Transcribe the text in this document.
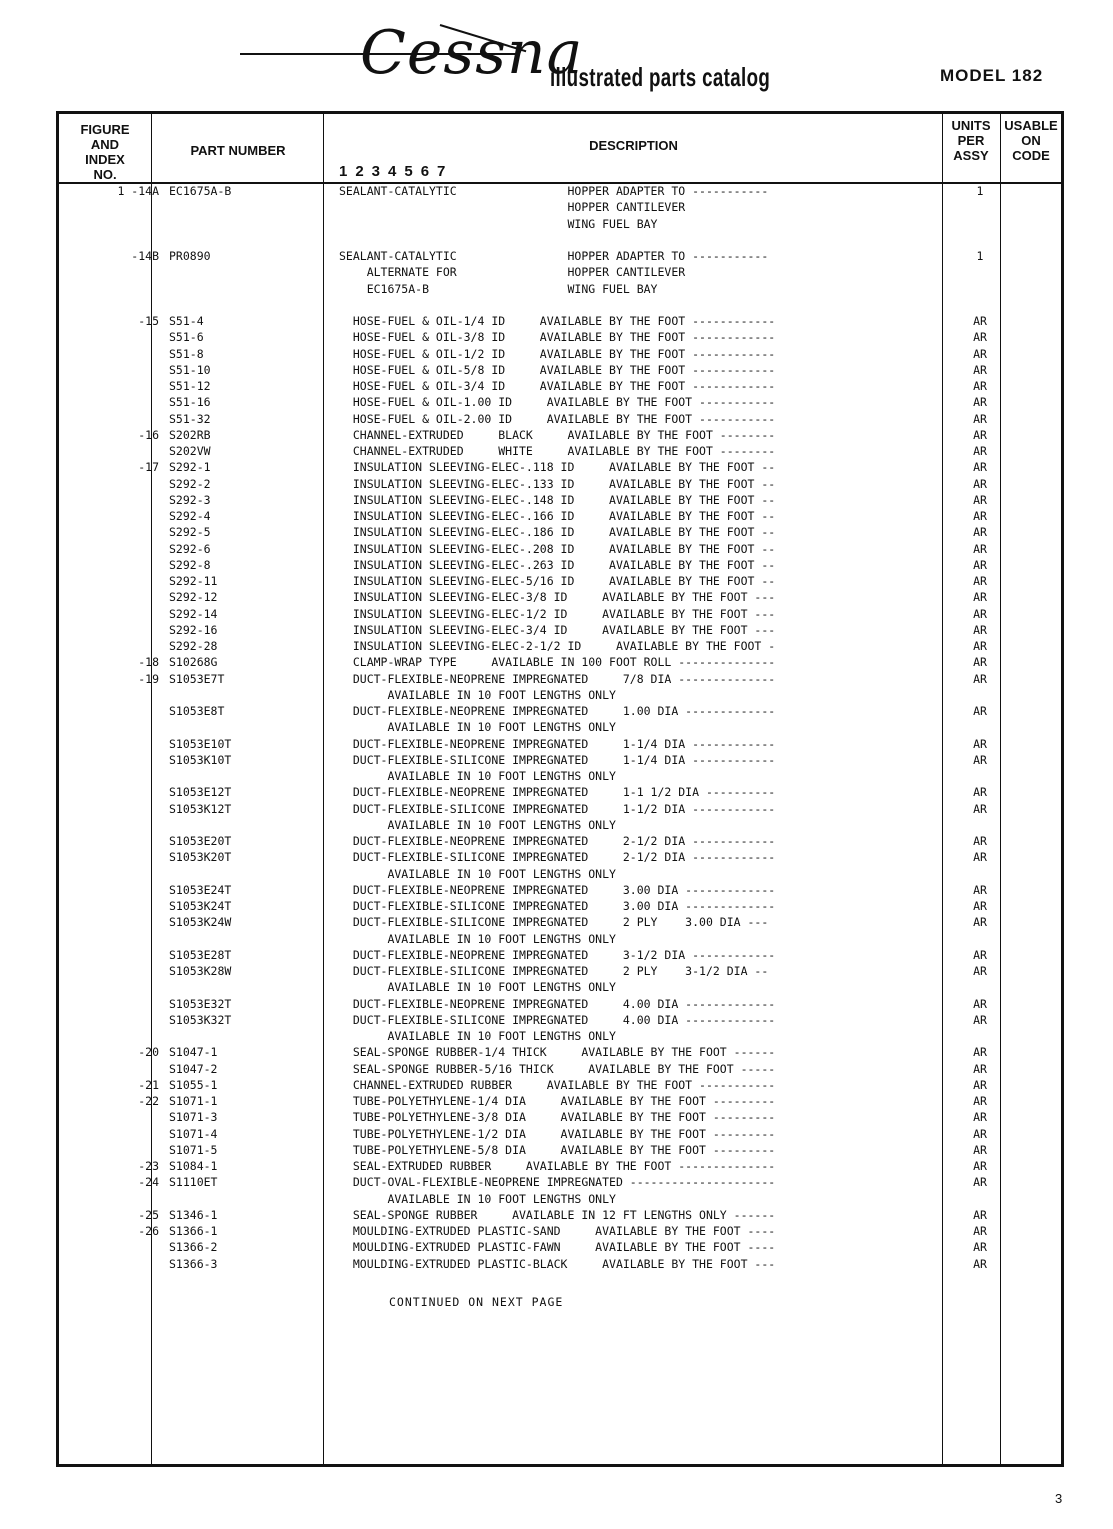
Cessna
illustrated parts catalog	MODEL 182
FIGURE
AND
INDEX
NO.
PART NUMBER	DESCRIPTION
1234567
UNITS
PER
ASSY
USABLE
ON
CODE
1 -14A EC1675A-B	SEALANT-CATALYTIC                HOPPER ADAPTER TO -----------	1
HOPPER CANTILEVER
WING FUEL BAY
-14B PR0890	SEALANT-CATALYTIC                HOPPER ADAPTER TO -----------	1
ALTERNATE FOR                HOPPER CANTILEVER
EC1675A-B                    WING FUEL BAY
-15 S51-4	HOSE-FUEL & OIL-1/4 ID     AVAILABLE BY THE FOOT ------------	AR
S51-6	HOSE-FUEL & OIL-3/8 ID     AVAILABLE BY THE FOOT ------------	AR
S51-8	HOSE-FUEL & OIL-1/2 ID     AVAILABLE BY THE FOOT ------------	AR
S51-10	HOSE-FUEL & OIL-5/8 ID     AVAILABLE BY THE FOOT ------------	AR
S51-12	HOSE-FUEL & OIL-3/4 ID     AVAILABLE BY THE FOOT ------------	AR
S51-16	HOSE-FUEL & OIL-1.00 ID     AVAILABLE BY THE FOOT -----------	AR
S51-32	HOSE-FUEL & OIL-2.00 ID     AVAILABLE BY THE FOOT -----------	AR
-16 S202RB	CHANNEL-EXTRUDED     BLACK     AVAILABLE BY THE FOOT --------	AR
S202VW	CHANNEL-EXTRUDED     WHITE     AVAILABLE BY THE FOOT --------	AR
-17 S292-1	INSULATION SLEEVING-ELEC-.118 ID     AVAILABLE BY THE FOOT --	AR
S292-2	INSULATION SLEEVING-ELEC-.133 ID     AVAILABLE BY THE FOOT --	AR
S292-3	INSULATION SLEEVING-ELEC-.148 ID     AVAILABLE BY THE FOOT --	AR
S292-4	INSULATION SLEEVING-ELEC-.166 ID     AVAILABLE BY THE FOOT --	AR
S292-5	INSULATION SLEEVING-ELEC-.186 ID     AVAILABLE BY THE FOOT --	AR
S292-6	INSULATION SLEEVING-ELEC-.208 ID     AVAILABLE BY THE FOOT --	AR
S292-8	INSULATION SLEEVING-ELEC-.263 ID     AVAILABLE BY THE FOOT --	AR
S292-11	INSULATION SLEEVING-ELEC-5/16 ID     AVAILABLE BY THE FOOT --	AR
S292-12	INSULATION SLEEVING-ELEC-3/8 ID     AVAILABLE BY THE FOOT ---	AR
S292-14	INSULATION SLEEVING-ELEC-1/2 ID     AVAILABLE BY THE FOOT ---	AR
S292-16	INSULATION SLEEVING-ELEC-3/4 ID     AVAILABLE BY THE FOOT ---	AR
S292-28	INSULATION SLEEVING-ELEC-2-1/2 ID     AVAILABLE BY THE FOOT -	AR
-18 S10268G	CLAMP-WRAP TYPE     AVAILABLE IN 100 FOOT ROLL --------------	AR
-19 S1053E7T	DUCT-FLEXIBLE-NEOPRENE IMPREGNATED     7/8 DIA --------------	AR
AVAILABLE IN 10 FOOT LENGTHS ONLY
S1053E8T	DUCT-FLEXIBLE-NEOPRENE IMPREGNATED     1.00 DIA -------------	AR
AVAILABLE IN 10 FOOT LENGTHS ONLY
S1053E10T	DUCT-FLEXIBLE-NEOPRENE IMPREGNATED     1-1/4 DIA ------------	AR
S1053K10T	DUCT-FLEXIBLE-SILICONE IMPREGNATED     1-1/4 DIA ------------	AR
AVAILABLE IN 10 FOOT LENGTHS ONLY
S1053E12T	DUCT-FLEXIBLE-NEOPRENE IMPREGNATED     1-1 1/2 DIA ----------	AR
S1053K12T	DUCT-FLEXIBLE-SILICONE IMPREGNATED     1-1/2 DIA ------------	AR
AVAILABLE IN 10 FOOT LENGTHS ONLY
S1053E20T	DUCT-FLEXIBLE-NEOPRENE IMPREGNATED     2-1/2 DIA ------------	AR
S1053K20T	DUCT-FLEXIBLE-SILICONE IMPREGNATED     2-1/2 DIA ------------	AR
AVAILABLE IN 10 FOOT LENGTHS ONLY
S1053E24T	DUCT-FLEXIBLE-NEOPRENE IMPREGNATED     3.00 DIA -------------	AR
S1053K24T	DUCT-FLEXIBLE-SILICONE IMPREGNATED     3.00 DIA -------------	AR
S1053K24W	DUCT-FLEXIBLE-SILICONE IMPREGNATED     2 PLY    3.00 DIA ---	AR
AVAILABLE IN 10 FOOT LENGTHS ONLY
S1053E28T	DUCT-FLEXIBLE-NEOPRENE IMPREGNATED     3-1/2 DIA ------------	AR
S1053K28W	DUCT-FLEXIBLE-SILICONE IMPREGNATED     2 PLY    3-1/2 DIA --	AR
AVAILABLE IN 10 FOOT LENGTHS ONLY
S1053E32T	DUCT-FLEXIBLE-NEOPRENE IMPREGNATED     4.00 DIA -------------	AR
S1053K32T	DUCT-FLEXIBLE-SILICONE IMPREGNATED     4.00 DIA -------------	AR
AVAILABLE IN 10 FOOT LENGTHS ONLY
-20 S1047-1	SEAL-SPONGE RUBBER-1/4 THICK     AVAILABLE BY THE FOOT ------	AR
S1047-2	SEAL-SPONGE RUBBER-5/16 THICK     AVAILABLE BY THE FOOT -----	AR
-21 S1055-1	CHANNEL-EXTRUDED RUBBER     AVAILABLE BY THE FOOT -----------	AR
-22 S1071-1	TUBE-POLYETHYLENE-1/4 DIA     AVAILABLE BY THE FOOT ---------	AR
S1071-3	TUBE-POLYETHYLENE-3/8 DIA     AVAILABLE BY THE FOOT ---------	AR
S1071-4	TUBE-POLYETHYLENE-1/2 DIA     AVAILABLE BY THE FOOT ---------	AR
S1071-5	TUBE-POLYETHYLENE-5/8 DIA     AVAILABLE BY THE FOOT ---------	AR
-23 S1084-1	SEAL-EXTRUDED RUBBER     AVAILABLE BY THE FOOT --------------	AR
-24 S1110ET	DUCT-OVAL-FLEXIBLE-NEOPRENE IMPREGNATED ---------------------	AR
AVAILABLE IN 10 FOOT LENGTHS ONLY
-25 S1346-1	SEAL-SPONGE RUBBER     AVAILABLE IN 12 FT LENGTHS ONLY ------	AR
-26 S1366-1	MOULDING-EXTRUDED PLASTIC-SAND     AVAILABLE BY THE FOOT ----	AR
S1366-2	MOULDING-EXTRUDED PLASTIC-FAWN     AVAILABLE BY THE FOOT ----	AR
S1366-3	MOULDING-EXTRUDED PLASTIC-BLACK     AVAILABLE BY THE FOOT ---	AR
CONTINUED ON NEXT PAGE
3
